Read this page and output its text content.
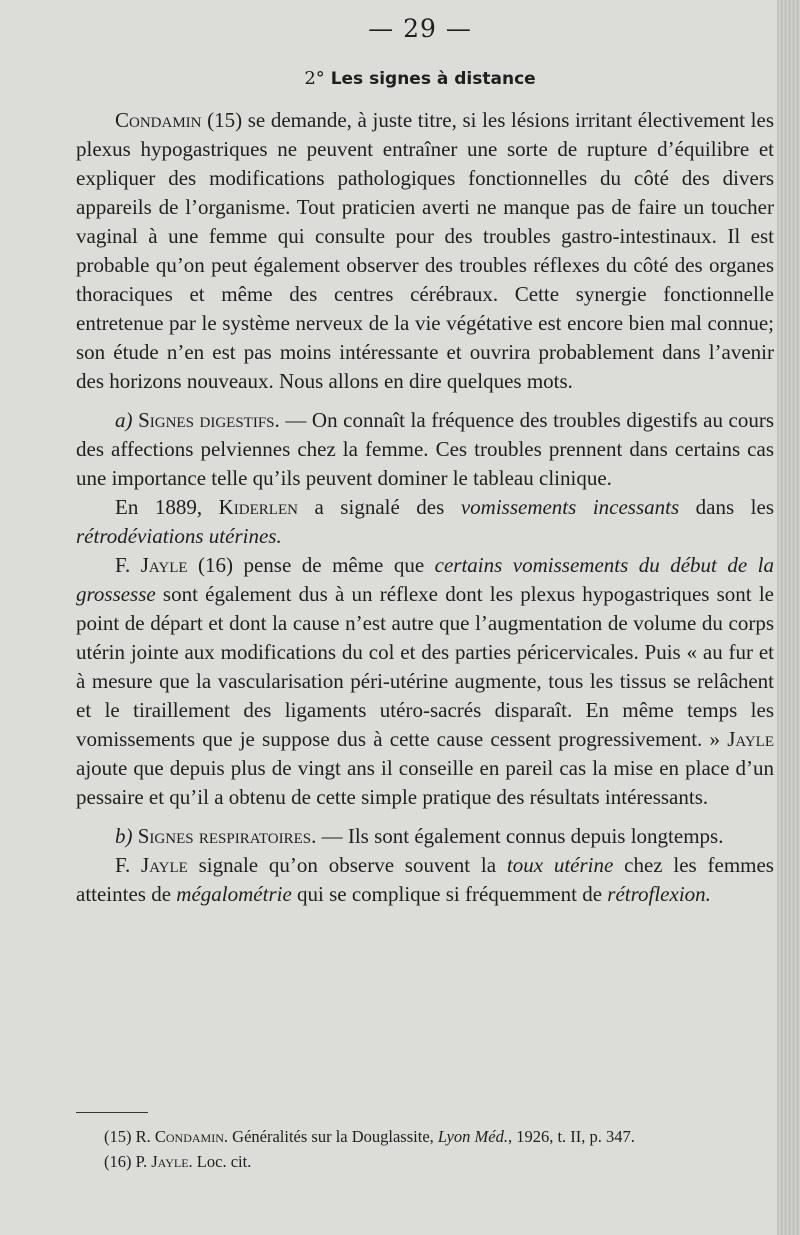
— 29 —
2° Les signes à distance

Condamin (15) se demande, à juste titre, si les lésions irritant électivement les plexus hypogastriques ne peuvent entraîner une sorte de rupture d’équilibre et expliquer des modifications pathologiques fonctionnelles du côté des divers appareils de l’organisme. Tout praticien averti ne manque pas de faire un toucher vaginal à une femme qui consulte pour des troubles gastro-intestinaux. Il est probable qu’on peut également observer des troubles réflexes du côté des organes thoraciques et même des centres cérébraux. Cette synergie fonctionnelle entretenue par le système nerveux de la vie végétative est encore bien mal connue; son étude n’en est pas moins intéressante et ouvrira probablement dans l’avenir des horizons nouveaux. Nous allons en dire quelques mots.

a) Signes digestifs. — On connaît la fréquence des troubles digestifs au cours des affections pelviennes chez la femme. Ces troubles prennent dans certains cas une importance telle qu’ils peuvent dominer le tableau clinique.

En 1889, Kiderlen a signalé des vomissements incessants dans les rétrodéviations utérines.

F. Jayle (16) pense de même que certains vomissements du début de la grossesse sont également dus à un réflexe dont les plexus hypogastriques sont le point de départ et dont la cause n’est autre que l’augmentation de volume du corps utérin jointe aux modifications du col et des parties péricervicales. Puis « au fur et à mesure que la vascularisation péri-utérine augmente, tous les tissus se relâchent et le tiraillement des ligaments utéro-sacrés disparaît. En même temps les vomissements que je suppose dus à cette cause cessent progressivement. » Jayle ajoute que depuis plus de vingt ans il conseille en pareil cas la mise en place d’un pessaire et qu’il a obtenu de cette simple pratique des résultats intéressants.

b) Signes respiratoires. — Ils sont également connus depuis longtemps.

F. Jayle signale qu’on observe souvent la toux utérine chez les femmes atteintes de mégalométrie qui se complique si fréquemment de rétroflexion.

(15) R. Condamin. Généralités sur la Douglassite, Lyon Méd., 1926, t. II, p. 347.
(16) P. Jayle. Loc. cit.
